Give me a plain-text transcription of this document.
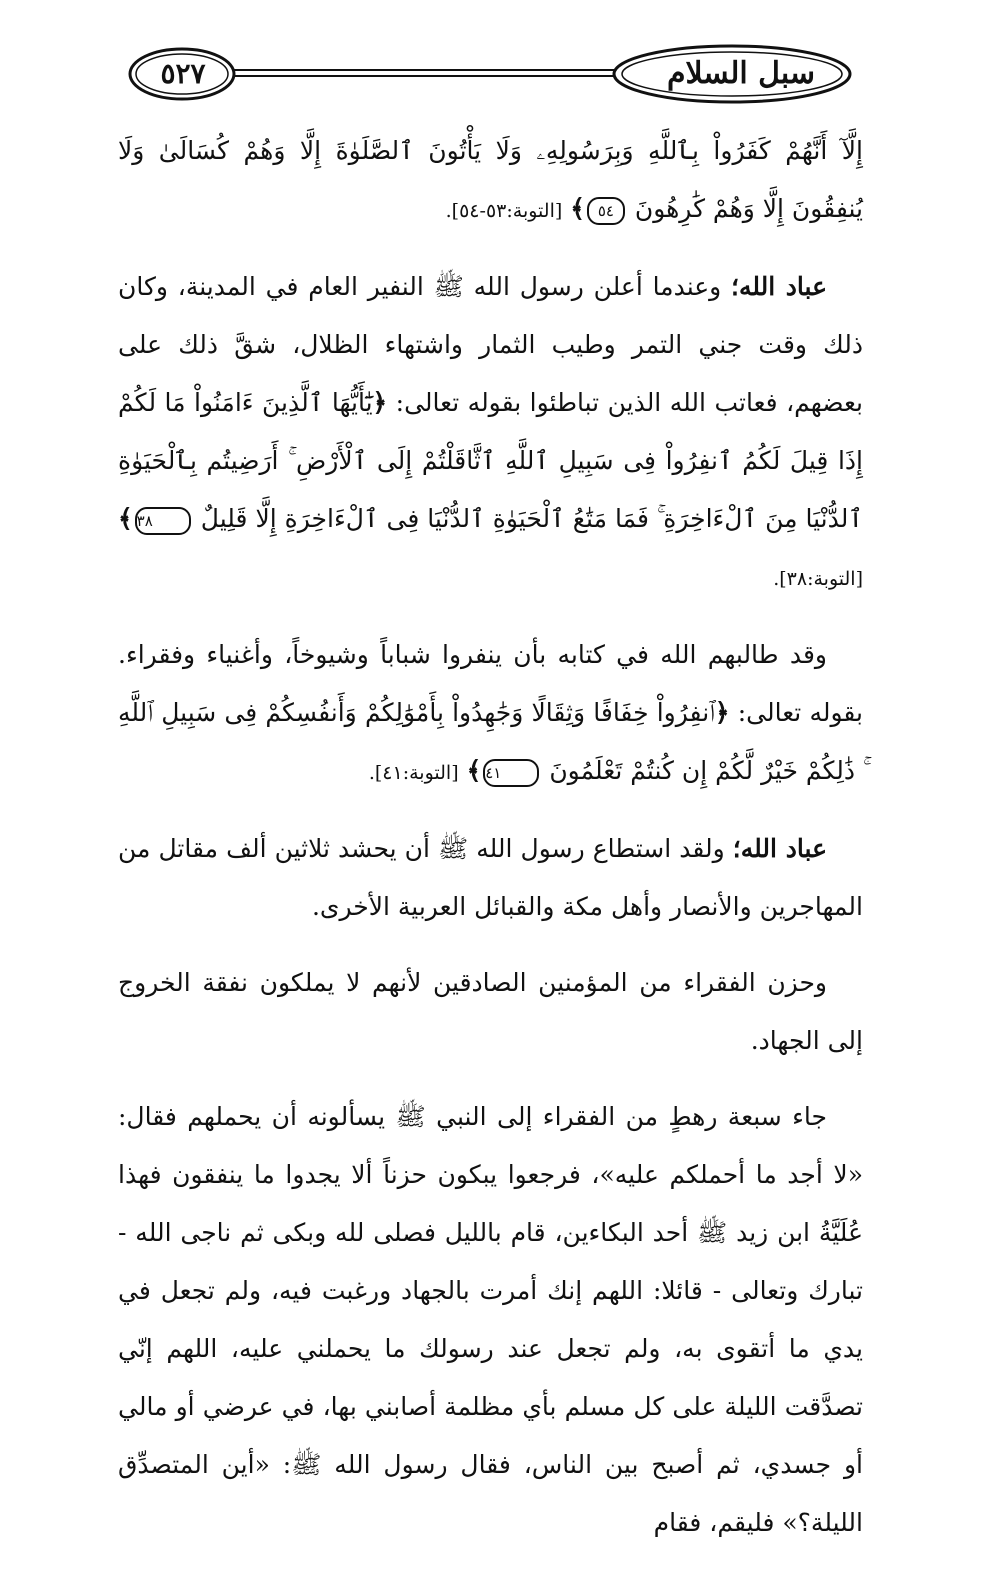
٥٢٧	سبل السلام

إِلَّآ أَنَّهُمْ كَفَرُواْ بِٱللَّهِ وَبِرَسُولِهِۦ وَلَا يَأْتُونَ ٱلصَّلَوٰةَ إِلَّا وَهُمْ كُسَالَىٰ وَلَا يُنفِقُونَ إِلَّا وَهُمْ كَٰرِهُونَ ٥٤﴾ [التوبة:٥٣-٥٤].

عباد الله؛ وعندما أعلن رسول الله ﷺ النفير العام في المدينة، وكان ذلك وقت جني التمر وطيب الثمار واشتهاء الظلال، شقَّ ذلك على بعضهم، فعاتب الله الذين تباطئوا بقوله تعالى: ﴿يَٰٓأَيُّهَا ٱلَّذِينَ ءَامَنُواْ مَا لَكُمْ إِذَا قِيلَ لَكُمُ ٱنفِرُواْ فِى سَبِيلِ ٱللَّهِ ٱثَّاقَلْتُمْ إِلَى ٱلْأَرْضِ ۚ أَرَضِيتُم بِٱلْحَيَوٰةِ ٱلدُّنْيَا مِنَ ٱلْءَاخِرَةِ ۚ فَمَا مَتَٰعُ ٱلْحَيَوٰةِ ٱلدُّنْيَا فِى ٱلْءَاخِرَةِ إِلَّا قَلِيلٌ ٣٨﴾ [التوبة:٣٨].

وقد طالبهم الله في كتابه بأن ينفروا شباباً وشيوخاً، وأغنياء وفقراء. بقوله تعالى: ﴿ٱنفِرُواْ خِفَافًا وَثِقَالًا وَجَٰهِدُواْ بِأَمْوَٰلِكُمْ وَأَنفُسِكُمْ فِى سَبِيلِ ٱللَّهِ ۚ ذَٰلِكُمْ خَيْرٌ لَّكُمْ إِن كُنتُمْ تَعْلَمُونَ ٤١﴾ [التوبة:٤١].

عباد الله؛ ولقد استطاع رسول الله ﷺ أن يحشد ثلاثين ألف مقاتل من المهاجرين والأنصار وأهل مكة والقبائل العربية الأخرى.

وحزن الفقراء من المؤمنين الصادقين لأنهم لا يملكون نفقة الخروج إلى الجهاد.

جاء سبعة رهطٍ من الفقراء إلى النبي ﷺ يسألونه أن يحملهم فقال: «لا أجد ما أحملكم عليه»، فرجعوا يبكون حزناً ألا يجدوا ما ينفقون فهذا عُلَيَّةُ ابن زيد ﷺ أحد البكاءين، قام بالليل فصلى لله وبكى ثم ناجى الله - تبارك وتعالى - قائلا: اللهم إنك أمرت بالجهاد ورغبت فيه، ولم تجعل في يدي ما أتقوى به، ولم تجعل عند رسولك ما يحملني عليه، اللهم إنّي تصدَّقت الليلة على كل مسلم بأي مظلمة أصابني بها، في عرضي أو مالي أو جسدي، ثم أصبح بين الناس، فقال رسول الله ﷺ: «أين المتصدِّق الليلة؟» فليقم، فقام
